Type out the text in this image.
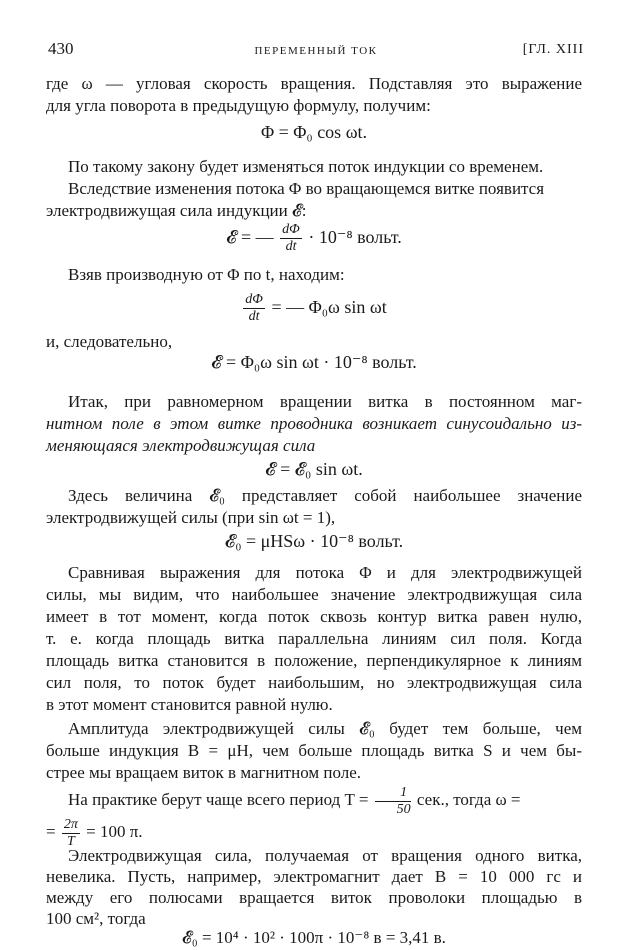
430	ПЕРЕМЕННЫЙ ТОК	[ГЛ. XIII
где ω — угловая скорость вращения. Подставляя это выражение
для угла поворота в предыдущую формулу, получим:
Φ = Φ₀ cos ωt.
По такому закону будет изменяться поток индукции со временем.
Вследствие изменения потока Φ во вращающемся витке появится
электродвижущая сила индукции 𝓔:
𝓔 = — $\frac{d\Phi}{dt} \cdot 10^{-8}$ вольт.
Взяв производную от Φ по t, находим:
$\frac{d\Phi}{dt}$ = — Φ₀ω sin ωt
и, следовательно,
𝓔 = Φ₀ω sin ωt · 10⁻⁸ вольт.
Итак, при равномерном вращении витка в постоянном маг-
нитном поле в этом витке проводника возникает синусоидально из-
меняющаяся электродвижущая сила
𝓔 = 𝓔₀ sin ωt.
Здесь величина 𝓔₀ представляет собой наибольшее значение
электродвижущей силы (при sin ωt = 1),
𝓔₀ = μHSω · 10⁻⁸ вольт.
Сравнивая выражения для потока Φ и для электродвижущей
силы, мы видим, что наибольшее значение электродвижущая сила
имеет в тот момент, когда поток сквозь контур витка равен нулю,
т. е. когда площадь витка параллельна линиям сил поля. Когда
площадь витка становится в положение, перпендикулярное к линиям
сил поля, то поток будет наибольшим, но электродвижущая сила
в этот момент становится равной нулю.
Амплитуда электродвижущей силы 𝓔₀ будет тем больше, чем
больше индукция B = μH, чем больше площадь витка S и чем бы-
стрее мы вращаем виток в магнитном поле.
На практике берут чаще всего период $T = \frac{1}{50}$ сек., тогда ω =
= $\frac{2\pi}{T} = 100$ π.
Электродвижущая сила, получаемая от вращения одного витка,
невелика. Пусть, например, электромагнит дает B = 10 000 гс и
между его полюсами вращается виток проволоки площадью в
100 см², тогда
𝓔₀ = 10⁴ · 10² · 100π · 10⁻⁸ в = 3,41 в.
